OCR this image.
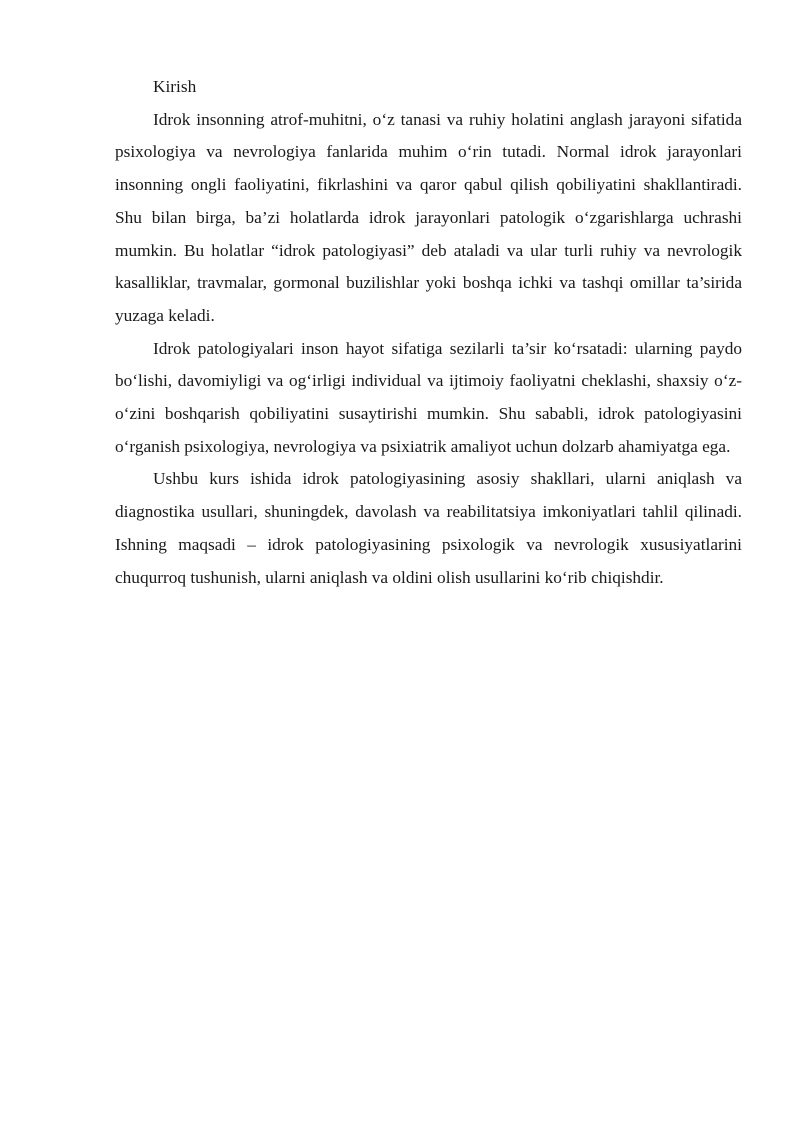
Kirish

Idrok insonning atrof-muhitni, o‘z tanasi va ruhiy holatini anglash jarayoni sifatida psixologiya va nevrologiya fanlarida muhim o‘rin tutadi. Normal idrok jarayonlari insonning ongli faoliyatini, fikrlashini va qaror qabul qilish qobiliyatini shakllantiradi. Shu bilan birga, ba’zi holatlarda idrok jarayonlari patologik o‘zgarishlarga uchrashi mumkin. Bu holatlar “idrok patologiyasi” deb ataladi va ular turli ruhiy va nevrologik kasalliklar, travmalar, gormonal buzilishlar yoki boshqa ichki va tashqi omillar ta’sirida yuzaga keladi.

Idrok patologiyalari inson hayot sifatiga sezilarli ta’sir ko‘rsatadi: ularning paydo bo‘lishi, davomiyligi va og‘irligi individual va ijtimoiy faoliyatni cheklashi, shaxsiy o‘z-o‘zini boshqarish qobiliyatini susaytirishi mumkin. Shu sababli, idrok patologiyasini o‘rganish psixologiya, nevrologiya va psixiatrik amaliyot uchun dolzarb ahamiyatga ega.

Ushbu kurs ishida idrok patologiyasining asosiy shakllari, ularni aniqlash va diagnostika usullari, shuningdek, davolash va reabilitatsiya imkoniyatlari tahlil qilinadi. Ishning maqsadi – idrok patologiyasining psixologik va nevrologik xususiyatlarini chuqurroq tushunish, ularni aniqlash va oldini olish usullarini ko‘rib chiqishdir.
